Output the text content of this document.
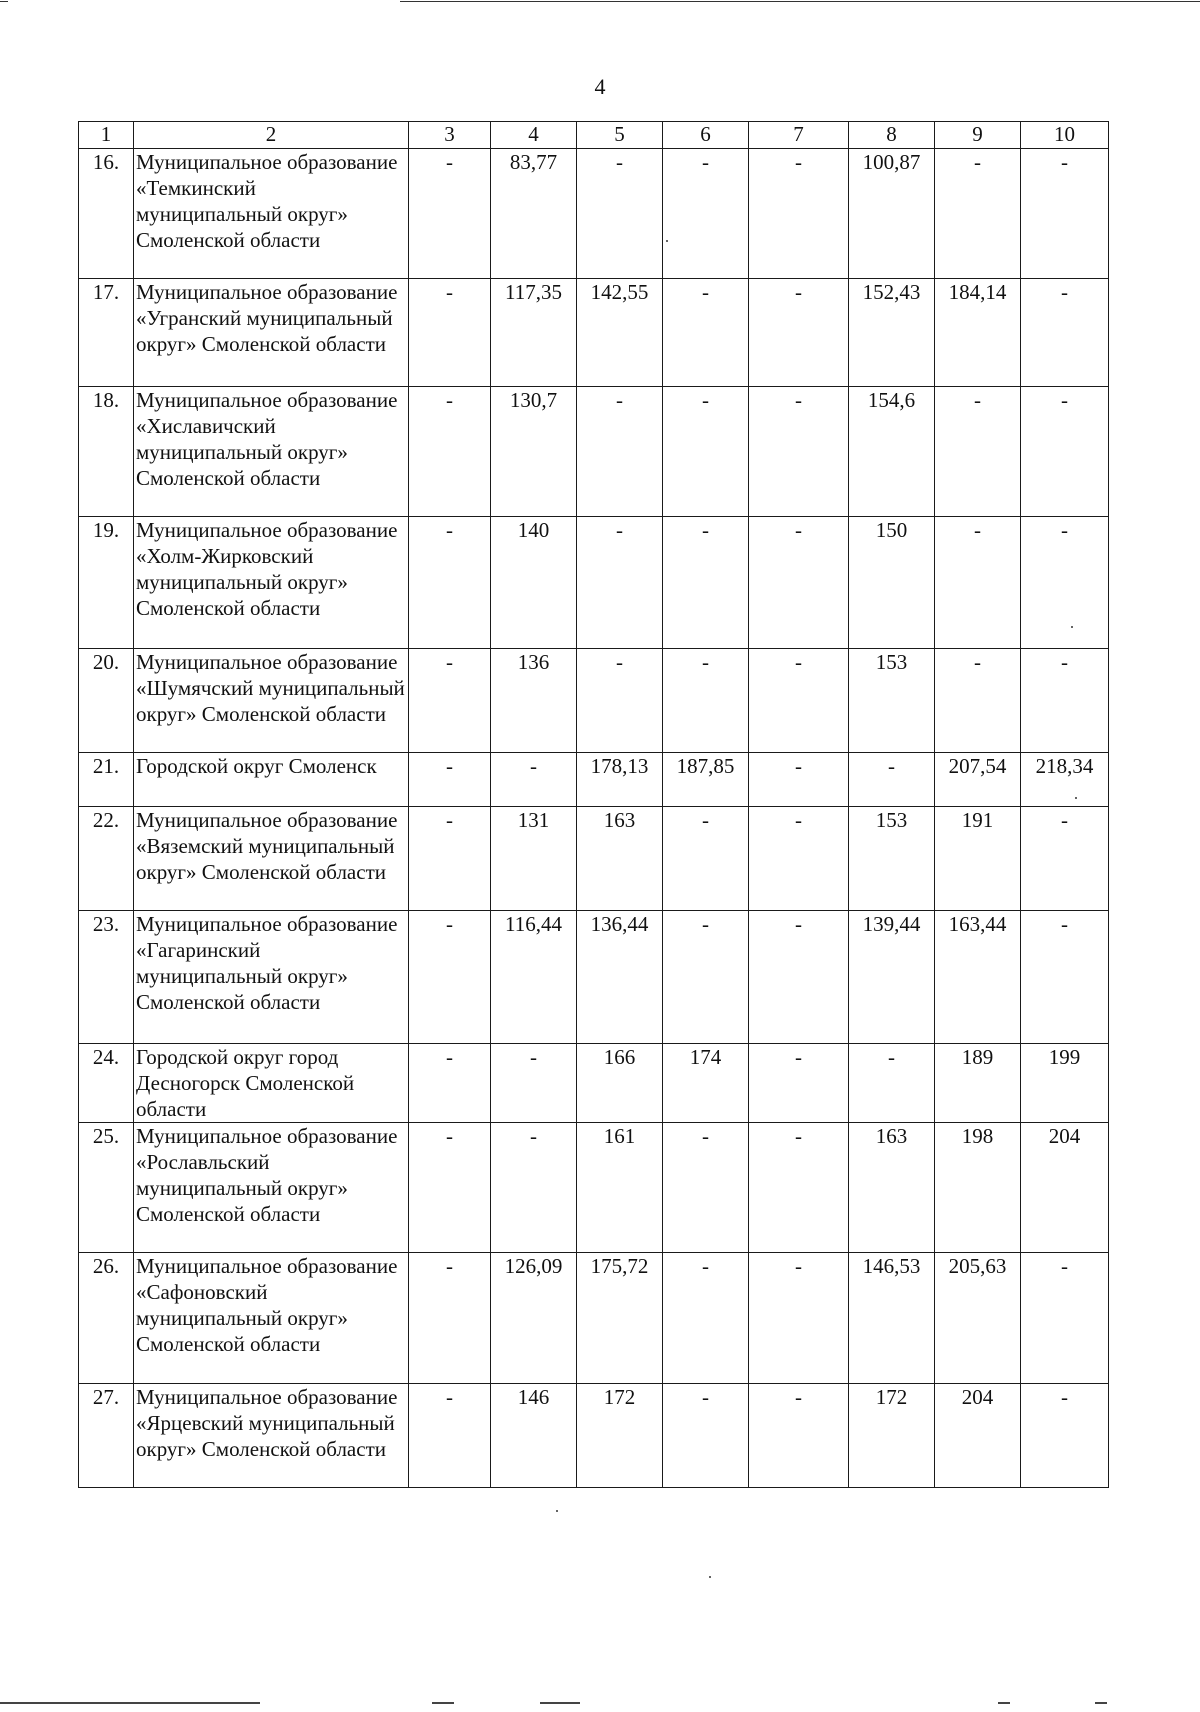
4
1	2	3	4	5	6	7	8	9	10
16.	Муниципальное образование «Темкинский муниципальный округ» Смоленской области	-	83,77	-	-	-	100,87	-	-
17.	Муниципальное образование «Угранский муниципальный округ» Смоленской области	-	117,35	142,55	-	-	152,43	184,14	-
18.	Муниципальное образование «Хиславичский муниципальный округ» Смоленской области	-	130,7	-	-	-	154,6	-	-
19.	Муниципальное образование «Холм-Жирковский муниципальный округ» Смоленской области	-	140	-	-	-	150	-	-
20.	Муниципальное образование «Шумячский муниципальный округ» Смоленской области	-	136	-	-	-	153	-	-
21.	Городской округ Смоленск	-	-	178,13	187,85	-	-	207,54	218,34
22.	Муниципальное образование «Вяземский муниципальный округ» Смоленской области	-	131	163	-	-	153	191	-
23.	Муниципальное образование «Гагаринский муниципальный округ» Смоленской области	-	116,44	136,44	-	-	139,44	163,44	-
24.	Городской округ город Десногорск Смоленской области	-	-	166	174	-	-	189	199
25.	Муниципальное образование «Рославльский муниципальный округ» Смоленской области	-	-	161	-	-	163	198	204
26.	Муниципальное образование «Сафоновский муниципальный округ» Смоленской области	-	126,09	175,72	-	-	146,53	205,63	-
27.	Муниципальное образование «Ярцевский муниципальный округ» Смоленской области	-	146	172	-	-	172	204	-
